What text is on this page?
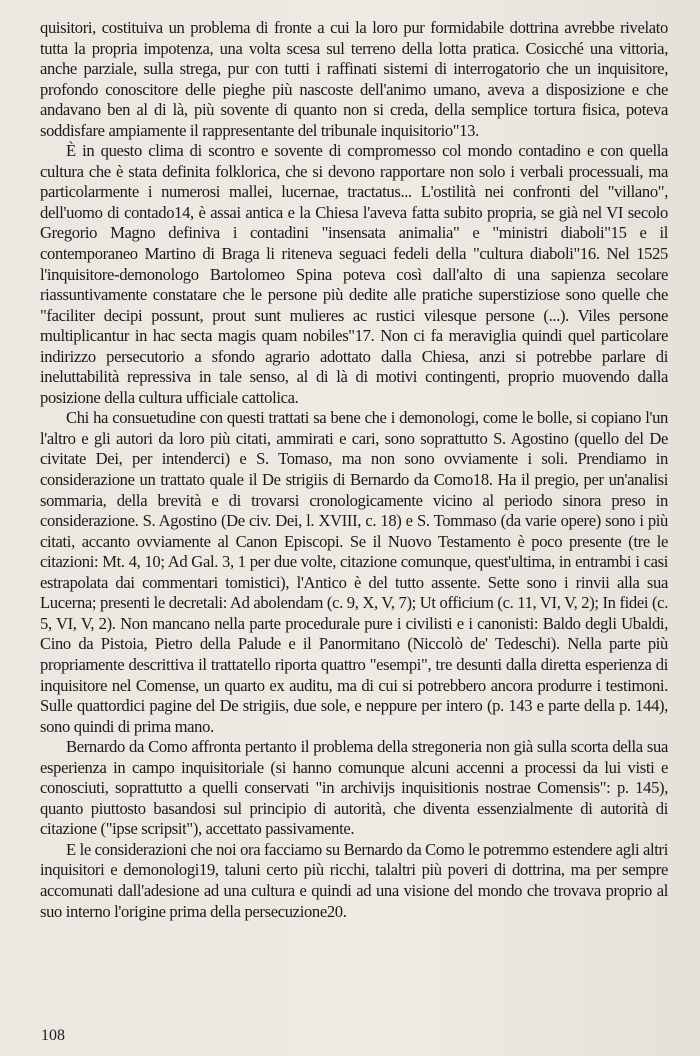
quisitori, costituiva un problema di fronte a cui la loro pur formidabile dottrina avrebbe rivelato tutta la propria impotenza, una volta scesa sul terreno della lotta pratica. Cosicché una vittoria, anche parziale, sulla strega, pur con tutti i raffinati sistemi di interrogatorio che un inquisitore, profondo conoscitore delle pieghe più nascoste dell'animo umano, aveva a disposizione e che andavano ben al di là, più sovente di quanto non si creda, della semplice tortura fisica, poteva soddisfare ampiamente il rappresentante del tribunale inquisitorio"13.

È in questo clima di scontro e sovente di compromesso col mondo contadino e con quella cultura che è stata definita folklorica, che si devono rapportare non solo i verbali processuali, ma particolarmente i numerosi mallei, lucernae, tractatus... L'ostilità nei confronti del "villano", dell'uomo di contado14, è assai antica e la Chiesa l'aveva fatta subito propria, se già nel VI secolo Gregorio Magno definiva i contadini "insensata animalia" e "ministri diaboli"15 e il contemporaneo Martino di Braga li riteneva seguaci fedeli della "cultura diaboli"16. Nel 1525 l'inquisitore-demonologo Bartolomeo Spina poteva così dall'alto di una sapienza secolare riassuntivamente constatare che le persone più dedite alle pratiche superstiziose sono quelle che "faciliter decipi possunt, prout sunt mulieres ac rustici vilesque persone (...). Viles persone multiplicantur in hac secta magis quam nobiles"17. Non ci fa meraviglia quindi quel particolare indirizzo persecutorio a sfondo agrario adottato dalla Chiesa, anzi si potrebbe parlare di ineluttabilità repressiva in tale senso, al di là di motivi contingenti, proprio muovendo dalla posizione della cultura ufficiale cattolica.

Chi ha consuetudine con questi trattati sa bene che i demonologi, come le bolle, si copiano l'un l'altro e gli autori da loro più citati, ammirati e cari, sono soprattutto S. Agostino (quello del De civitate Dei, per intenderci) e S. Tomaso, ma non sono ovviamente i soli. Prendiamo in considerazione un trattato quale il De strigiis di Bernardo da Como18. Ha il pregio, per un'analisi sommaria, della brevità e di trovarsi cronologicamente vicino al periodo sinora preso in considerazione. S. Agostino (De civ. Dei, l. XVIII, c. 18) e S. Tommaso (da varie opere) sono i più citati, accanto ovviamente al Canon Episcopi. Se il Nuovo Testamento è poco presente (tre le citazioni: Mt. 4, 10; Ad Gal. 3, 1 per due volte, citazione comunque, quest'ultima, in entrambi i casi estrapolata dai commentari tomistici), l'Antico è del tutto assente. Sette sono i rinvii alla sua Lucerna; presenti le decretali: Ad abolendam (c. 9, X, V, 7); Ut officium (c. 11, VI, V, 2); In fidei (c. 5, VI, V, 2). Non mancano nella parte procedurale pure i civilisti e i canonisti: Baldo degli Ubaldi, Cino da Pistoia, Pietro della Palude e il Panormitano (Niccolò de' Tedeschi). Nella parte più propriamente descrittiva il trattatello riporta quattro "esempi", tre desunti dalla diretta esperienza di inquisitore nel Comense, un quarto ex auditu, ma di cui si potrebbero ancora produrre i testimoni. Sulle quattordici pagine del De strigiis, due sole, e neppure per intero (p. 143 e parte della p. 144), sono quindi di prima mano.

Bernardo da Como affronta pertanto il problema della stregoneria non già sulla scorta della sua esperienza in campo inquisitoriale (si hanno comunque alcuni accenni a processi da lui visti e conosciuti, soprattutto a quelli conservati "in archivijs inquisitionis nostrae Comensis": p. 145), quanto piuttosto basandosi sul principio di autorità, che diventa essenzialmente di autorità di citazione ("ipse scripsit"), accettato passivamente.

E le considerazioni che noi ora facciamo su Bernardo da Como le potremmo estendere agli altri inquisitori e demonologi19, taluni certo più ricchi, talaltri più poveri di dottrina, ma per sempre accomunati dall'adesione ad una cultura e quindi ad una visione del mondo che trovava proprio al suo interno l'origine prima della persecuzione20.

108
